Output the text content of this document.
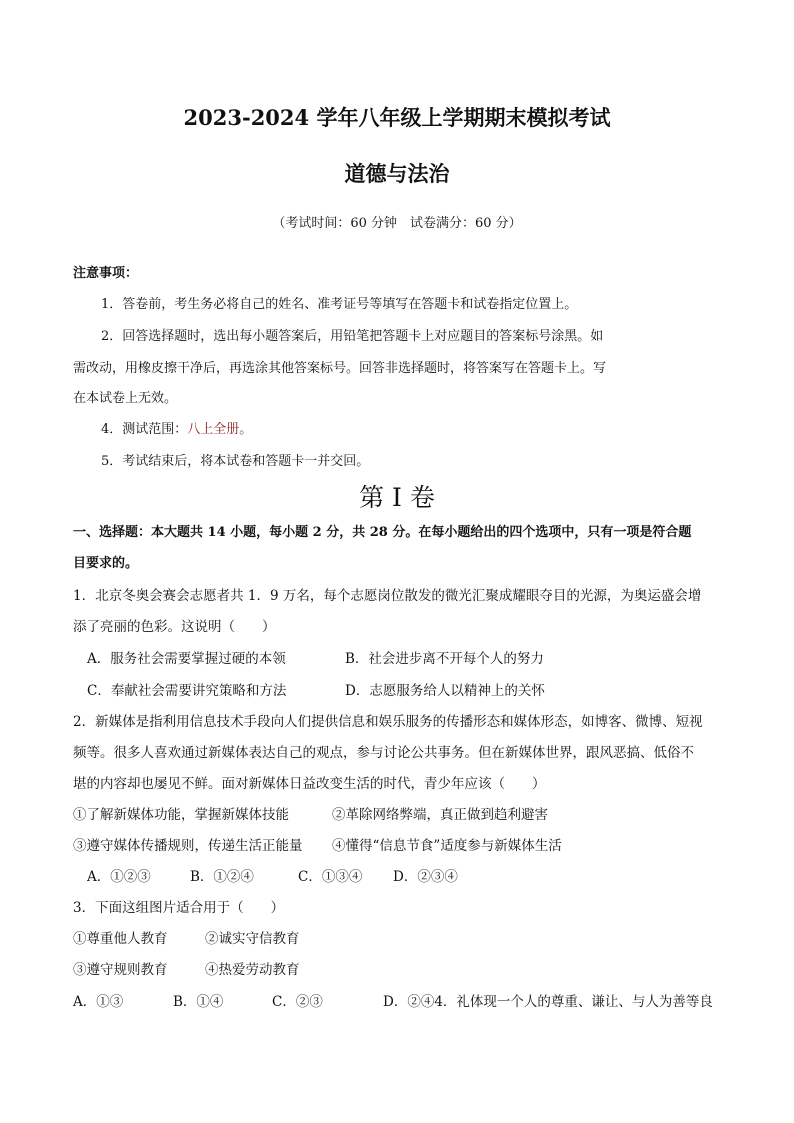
2023-2024 学年八年级上学期期末模拟考试
道德与法治
（考试时间：60 分钟　试卷满分：60 分）
注意事项：
1．答卷前，考生务必将自己的姓名、准考证号等填写在答题卡和试卷指定位置上。
2．回答选择题时，选出每小题答案后，用铅笔把答题卡上对应题目的答案标号涂黑。如
需改动，用橡皮擦干净后，再选涂其他答案标号。回答非选择题时，将答案写在答题卡上。写
在本试卷上无效。
4．测试范围：八上全册。
5．考试结束后，将本试卷和答题卡一并交回。
第 I 卷
一、选择题：本大题共 14 小题，每小题 2 分，共 28 分。在每小题给出的四个选项中，只有一项是符合题
目要求的。
1．北京冬奥会赛会志愿者共 1．9 万名，每个志愿岗位散发的微光汇聚成耀眼夺目的光源，为奥运盛会增
添了亮丽的色彩。这说明（　　）
A．服务社会需要掌握过硬的本领	B．社会进步离不开每个人的努力
C．奉献社会需要讲究策略和方法	D．志愿服务给人以精神上的关怀
2．新媒体是指利用信息技术手段向人们提供信息和娱乐服务的传播形态和媒体形态，如博客、微博、短视
频等。很多人喜欢通过新媒体表达自己的观点，参与讨论公共事务。但在新媒体世界，跟风恶搞、低俗不
堪的内容却也屡见不鲜。面对新媒体日益改变生活的时代，青少年应该（　　）
①了解新媒体功能，掌握新媒体技能	②革除网络弊端，真正做到趋利避害
③遵守媒体传播规则，传递生活正能量 ④懂得“信息节食”适度参与新媒体生活
A．①②③	B．①②④	C．①③④ D．②③④
3．下面这组图片适合用于（　　）
①尊重他人教育	②诚实守信教育
③遵守规则教育	④热爱劳动教育
A．①③	B．①④	C．②③	D．②④4．礼体现一个人的尊重、谦让、与人为善等良
